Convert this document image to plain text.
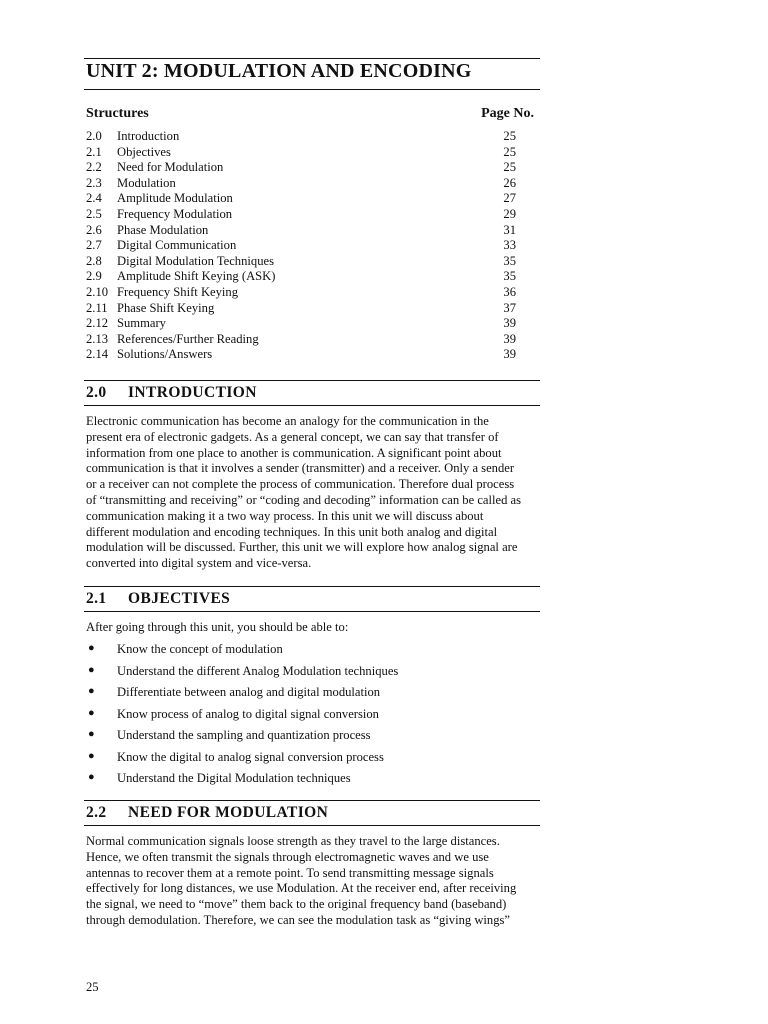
UNIT 2: MODULATION AND ENCODING
Structures	Page No.
2.0 Introduction	25
2.1 Objectives	25
2.2 Need for Modulation	25
2.3 Modulation	26
2.4 Amplitude Modulation	27
2.5 Frequency Modulation	29
2.6 Phase Modulation	31
2.7 Digital Communication	33
2.8 Digital Modulation Techniques	35
2.9 Amplitude Shift Keying (ASK)	35
2.10 Frequency Shift Keying	36
2.11 Phase Shift Keying	37
2.12 Summary	39
2.13 References/Further Reading	39
2.14 Solutions/Answers	39
2.0 INTRODUCTION
Electronic communication has become an analogy for the communication in the
present era of electronic gadgets. As a general concept, we can say that transfer of
information from one place to another is communication. A significant point about
communication is that it involves a sender (transmitter) and a receiver. Only a sender
or a receiver can not complete the process of communication. Therefore dual process
of “transmitting and receiving” or “coding and decoding” information can be called as
communication making it a two way process. In this unit we will discuss about
different modulation and encoding techniques. In this unit both analog and digital
modulation will be discussed. Further, this unit we will explore how analog signal are
converted into digital system and vice-versa.
2.1 OBJECTIVES
After going through this unit, you should be able to:
● Know the concept of modulation
● Understand the different Analog Modulation techniques
● Differentiate between analog and digital modulation
● Know process of analog to digital signal conversion
● Understand the sampling and quantization process
● Know the digital to analog signal conversion process
● Understand the Digital Modulation techniques
2.2 NEED FOR MODULATION
Normal communication signals loose strength as they travel to the large distances.
Hence, we often transmit the signals through electromagnetic waves and we use
antennas to recover them at a remote point. To send transmitting message signals
effectively for long distances, we use Modulation. At the receiver end, after receiving
the signal, we need to “move” them back to the original frequency band (baseband)
through demodulation. Therefore, we can see the modulation task as “giving wings”
25
